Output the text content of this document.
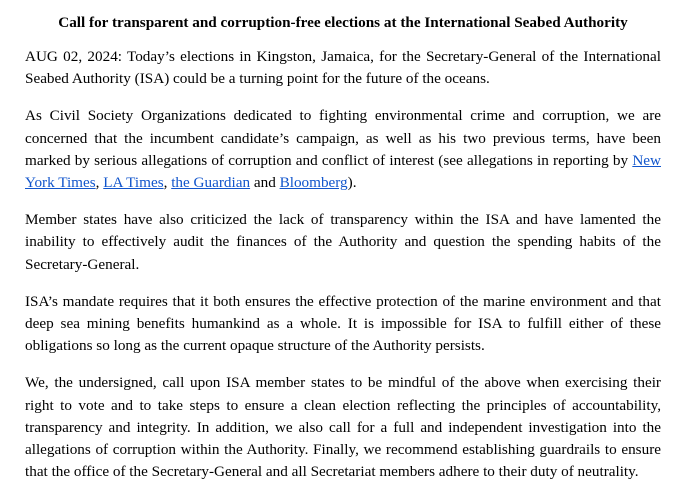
Call for transparent and corruption-free elections at the International Seabed Authority

AUG 02, 2024: Today’s elections in Kingston, Jamaica, for the Secretary-General of the International Seabed Authority (ISA) could be a turning point for the future of the oceans.

As Civil Society Organizations dedicated to fighting environmental crime and corruption, we are concerned that the incumbent candidate’s campaign, as well as his two previous terms, have been marked by serious allegations of corruption and conflict of interest (see allegations in reporting by New York Times, LA Times, the Guardian and Bloomberg).

Member states have also criticized the lack of transparency within the ISA and have lamented the inability to effectively audit the finances of the Authority and question the spending habits of the Secretary-General.

ISA’s mandate requires that it both ensures the effective protection of the marine environment and that deep sea mining benefits humankind as a whole. It is impossible for ISA to fulfill either of these obligations so long as the current opaque structure of the Authority persists.

We, the undersigned, call upon ISA member states to be mindful of the above when exercising their right to vote and to take steps to ensure a clean election reflecting the principles of accountability, transparency and integrity. In addition, we also call for a full and independent investigation into the allegations of corruption within the Authority. Finally, we recommend establishing guardrails to ensure that the office of the Secretary-General and all Secretariat members adhere to their duty of neutrality.
